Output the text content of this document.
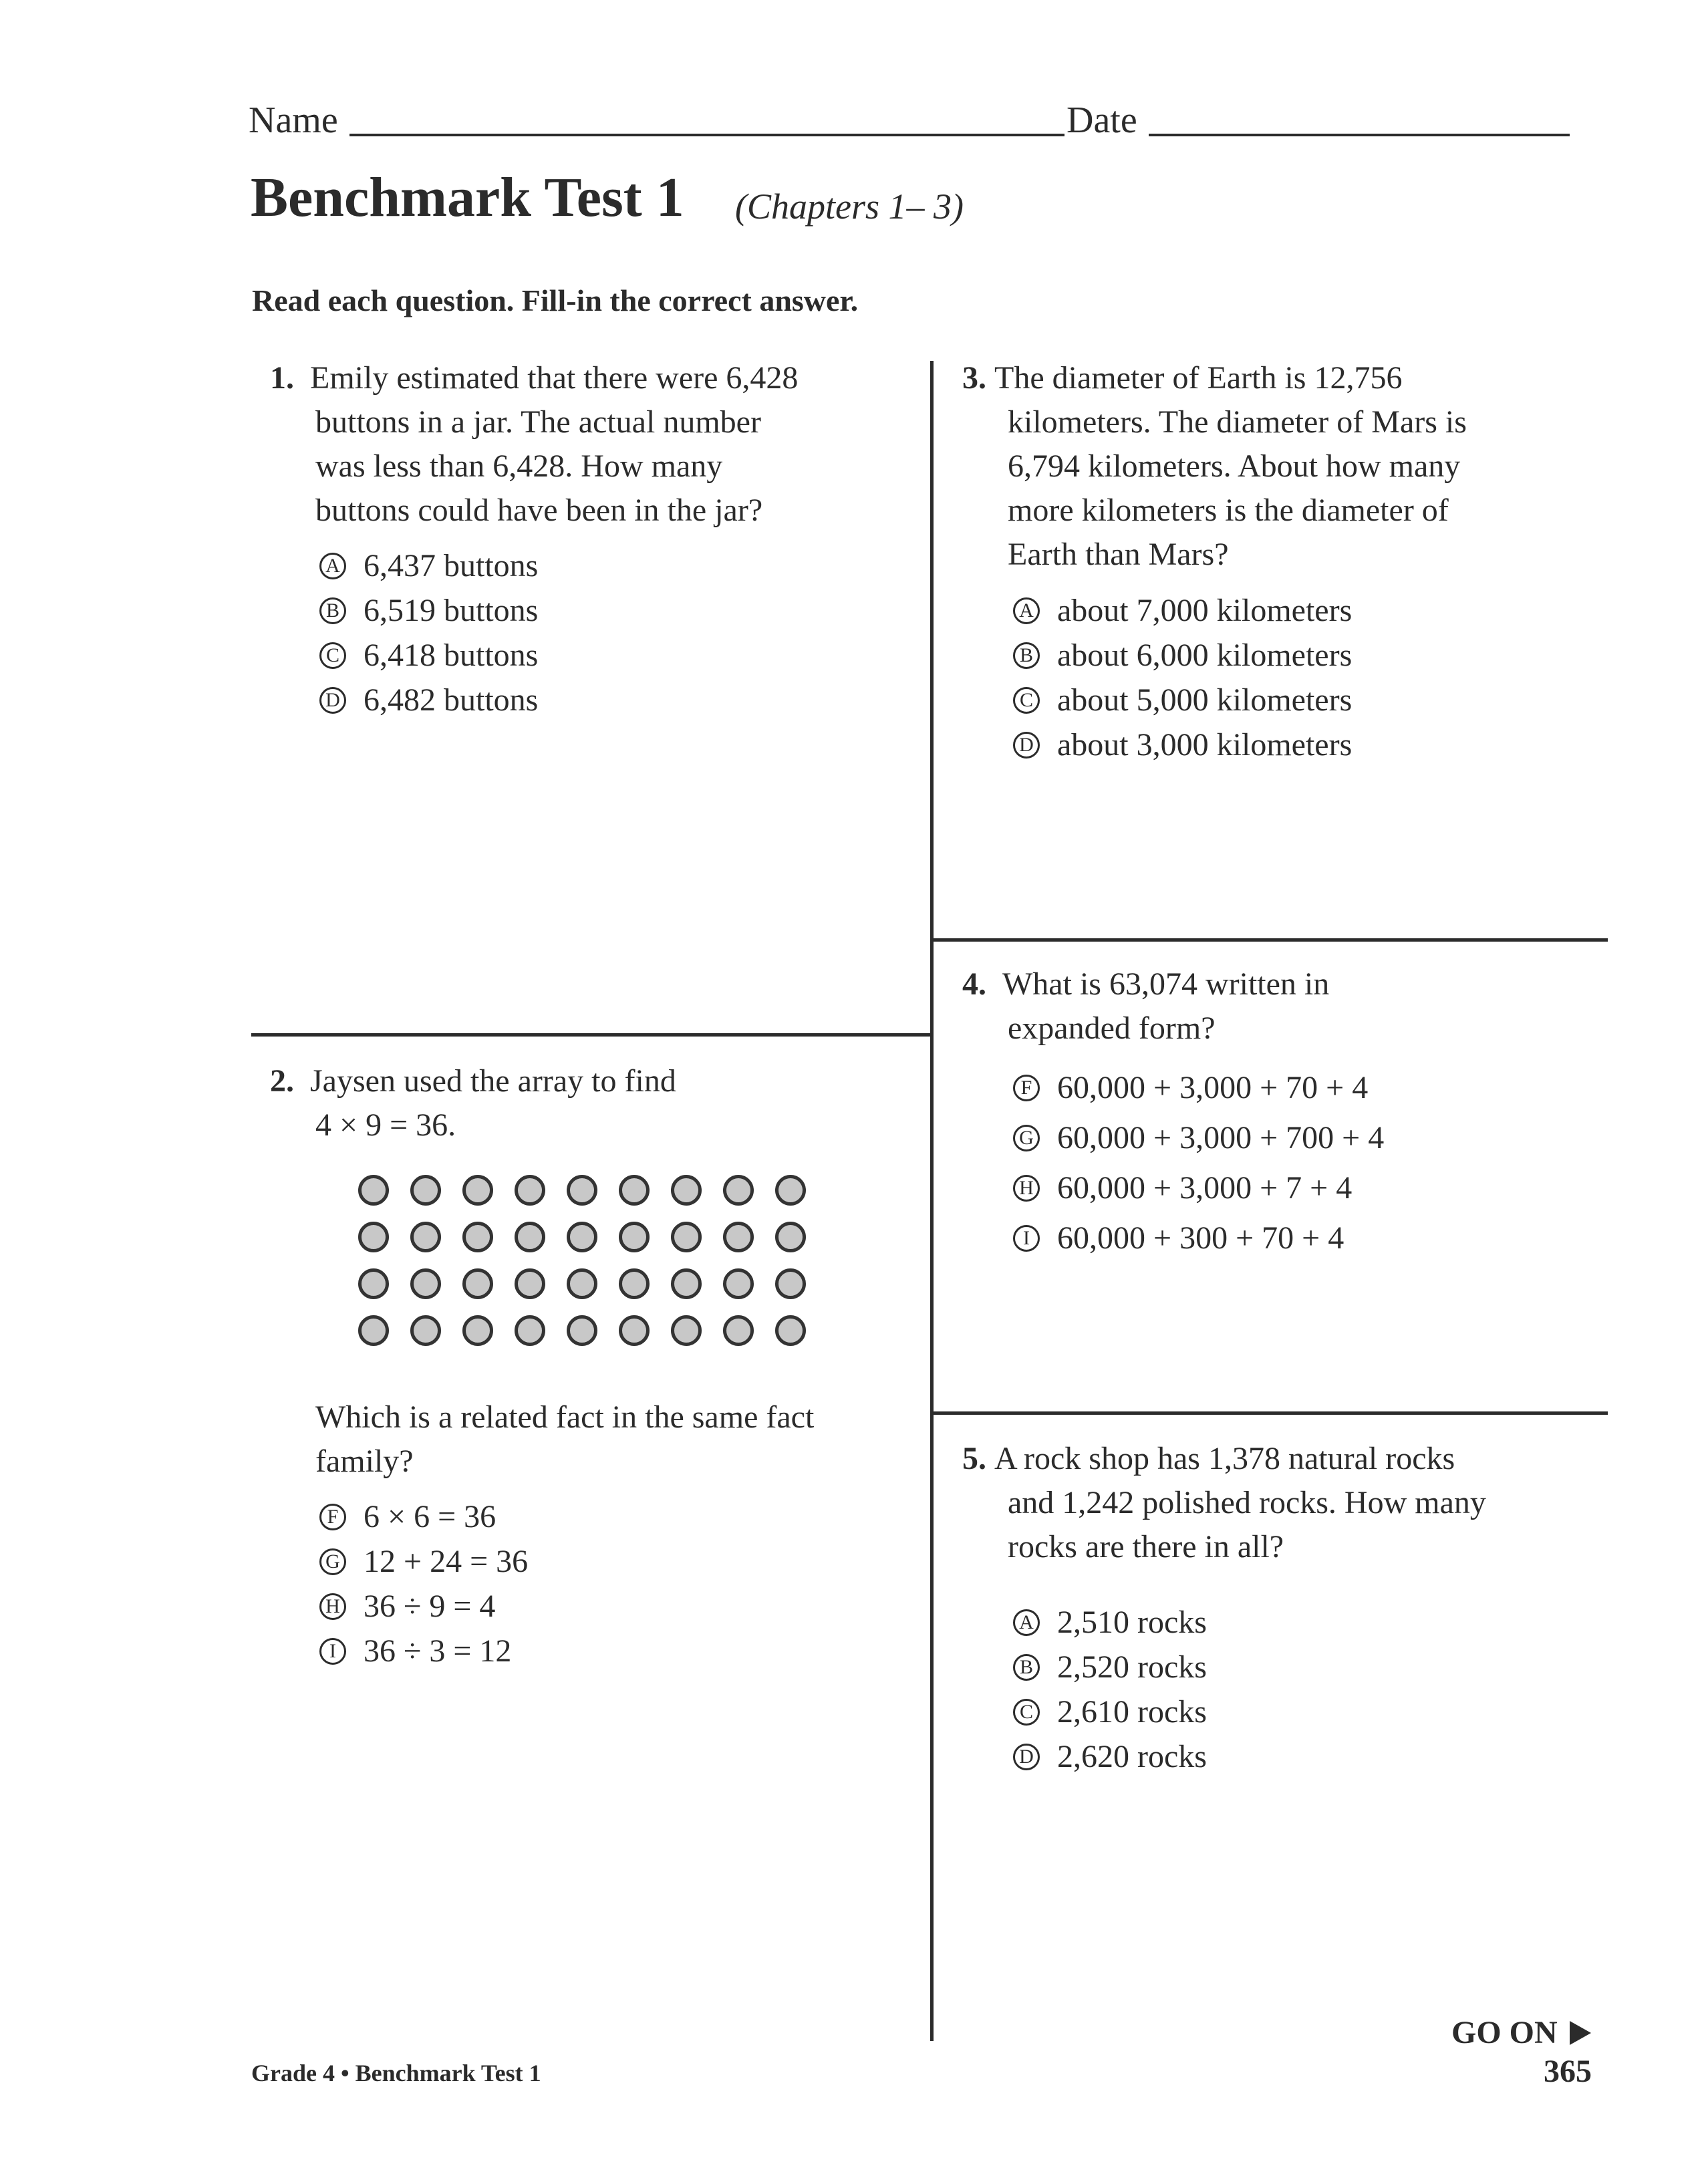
Name	Date
Benchmark Test 1 (Chapters 1– 3)
Read each question. Fill-in the correct answer.
1. Emily estimated that there were 6,428
buttons in a jar. The actual number
was less than 6,428. How many
buttons could have been in the jar?
A 6,437 buttons
B 6,519 buttons
C 6,418 buttons
D 6,482 buttons
2. Jaysen used the array to find
4 × 9 = 36.
Which is a related fact in the same fact
family?
F 6 × 6 = 36
G 12 + 24 = 36
H 36 ÷ 9 = 4
I 36 ÷ 3 = 12
3. The diameter of Earth is 12,756
kilometers. The diameter of Mars is
6,794 kilometers. About how many
more kilometers is the diameter of
Earth than Mars?
A about 7,000 kilometers
B about 6,000 kilometers
C about 5,000 kilometers
D about 3,000 kilometers
4. What is 63,074 written in
expanded form?
F 60,000 + 3,000 + 70 + 4
G 60,000 + 3,000 + 700 + 4
H 60,000 + 3,000 + 7 + 4
I 60,000 + 300 + 70 + 4
5. A rock shop has 1,378 natural rocks
and 1,242 polished rocks. How many
rocks are there in all?
A 2,510 rocks
B 2,520 rocks
C 2,610 rocks
D 2,620 rocks
GO ON
Grade 4 • Benchmark Test 1	365
